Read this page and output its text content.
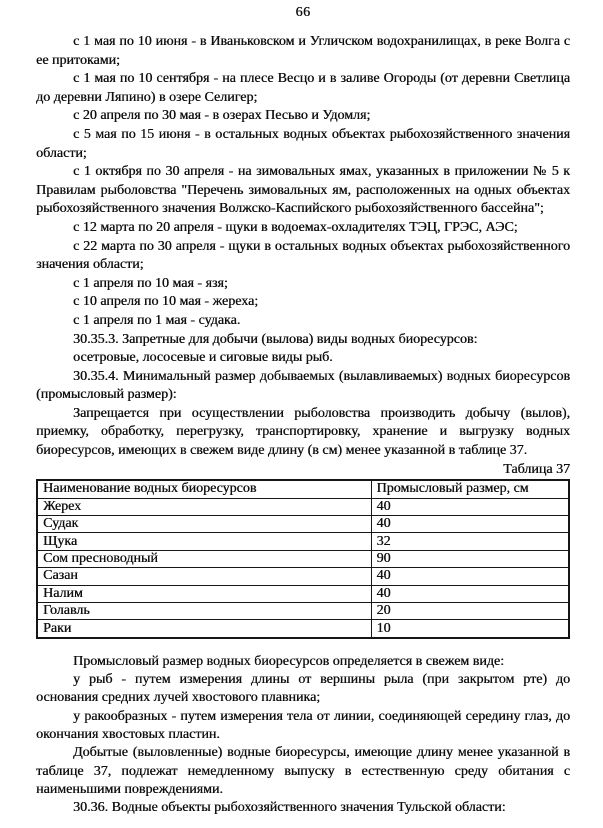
66

с 1 мая по 10 июня - в Иваньковском и Угличском водохранилищах, в реке Волга с ее притоками;

с 1 мая по 10 сентября - на плесе Весцо и в заливе Огороды (от деревни Светлица до деревни Ляпино) в озере Селигер;

с 20 апреля по 30 мая - в озерах Песьво и Удомля;

с 5 мая по 15 июня - в остальных водных объектах рыбохозяйственного значения области;

с 1 октября по 30 апреля - на зимовальных ямах, указанных в приложении № 5 к Правилам рыболовства "Перечень зимовальных ям, расположенных на одных объектах рыбохозяйственного значения Волжско-Каспийского рыбохозяйственного бассейна";

с 12 марта по 20 апреля - щуки в водоемах-охладителях ТЭЦ, ГРЭС, АЭС;

с 22 марта по 30 апреля - щуки в остальных водных объектах рыбохозяйственного значения области;

с 1 апреля по 10 мая - язя;

с 10 апреля по 10 мая - жереха;

с 1 апреля по 1 мая - судака.

30.35.3. Запретные для добычи (вылова) виды водных биоресурсов:

осетровые, лососевые и сиговые виды рыб.

30.35.4. Минимальный размер добываемых (вылавливаемых) водных биоресурсов (промысловый размер):

Запрещается при осуществлении рыболовства производить добычу (вылов), приемку, обработку, перегрузку, транспортировку, хранение и выгрузку водных биоресурсов, имеющих в свежем виде длину (в см) менее указанной в таблице 37.

Таблица 37
Наименование водных биоресурсов	Промысловый размер, см
Жерех	40
Судак	40
Щука	32
Сом пресноводный	90
Сазан	40
Налим	40
Голавль	20
Раки	10

Промысловый размер водных биоресурсов определяется в свежем виде:

у рыб - путем измерения длины от вершины рыла (при закрытом рте) до основания средних лучей хвостового плавника;

у ракообразных - путем измерения тела от линии, соединяющей середину глаз, до окончания хвостовых пластин.

Добытые (выловленные) водные биоресурсы, имеющие длину менее указанной в таблице 37, подлежат немедленному выпуску в естественную среду обитания с наименьшими повреждениями.

30.36. Водные объекты рыбохозяйственного значения Тульской области:
